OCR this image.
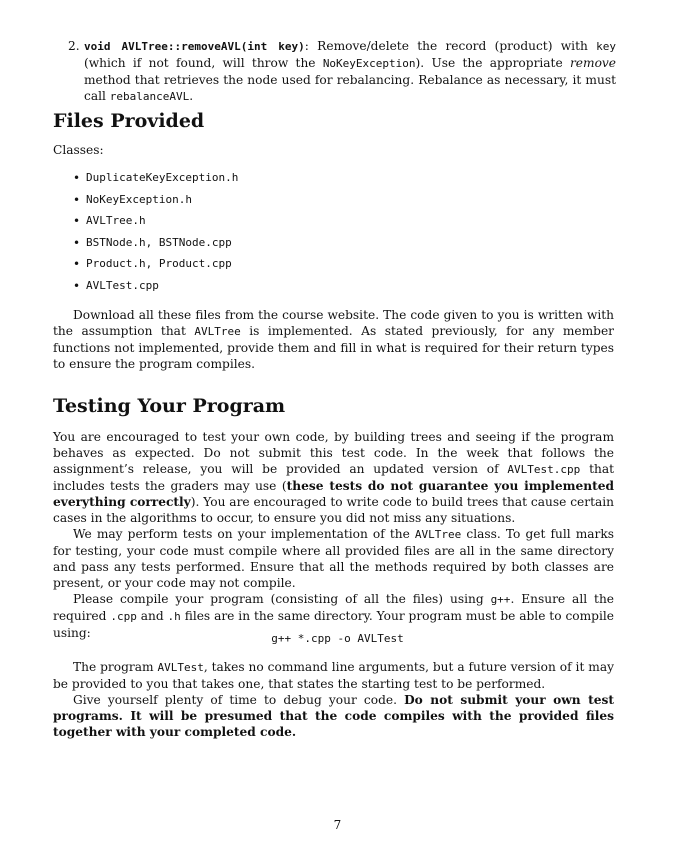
2. void AVLTree::removeAVL(int key): Remove/delete the record (product) with key (which if not found, will throw the NoKeyException). Use the appropriate remove method that retrieves the node used for rebalancing. Rebalance as necessary, it must call rebalanceAVL.
Files Provided
Classes:
• DuplicateKeyException.h
• NoKeyException.h
• AVLTree.h
• BSTNode.h, BSTNode.cpp
• Product.h, Product.cpp
• AVLTest.cpp

Download all these files from the course website. The code given to you is written with the assumption that AVLTree is implemented. As stated previously, for any member functions not implemented, provide them and fill in what is required for their return types to ensure the program compiles.

Testing Your Program

You are encouraged to test your own code, by building trees and seeing if the program behaves as expected. Do not submit this test code. In the week that follows the assignment’s release, you will be provided an updated version of AVLTest.cpp that includes tests the graders may use (these tests do not guarantee you implemented everything correctly). You are encouraged to write code to build trees that cause certain cases in the algorithms to occur, to ensure you did not miss any situations.

We may perform tests on your implementation of the AVLTree class. To get full marks for testing, your code must compile where all provided files are all in the same directory and pass any tests performed. Ensure that all the methods required by both classes are present, or your code may not compile.

Please compile your program (consisting of all the files) using g++. Ensure all the required .cpp and .h files are in the same directory. Your program must be able to compile using:	g++ *.cpp -o AVLTest

The program AVLTest, takes no command line arguments, but a future version of it may be provided to you that takes one, that states the starting test to be performed.

Give yourself plenty of time to debug your code. Do not submit your own test programs. It will be presumed that the code compiles with the provided files together with your completed code.

7
